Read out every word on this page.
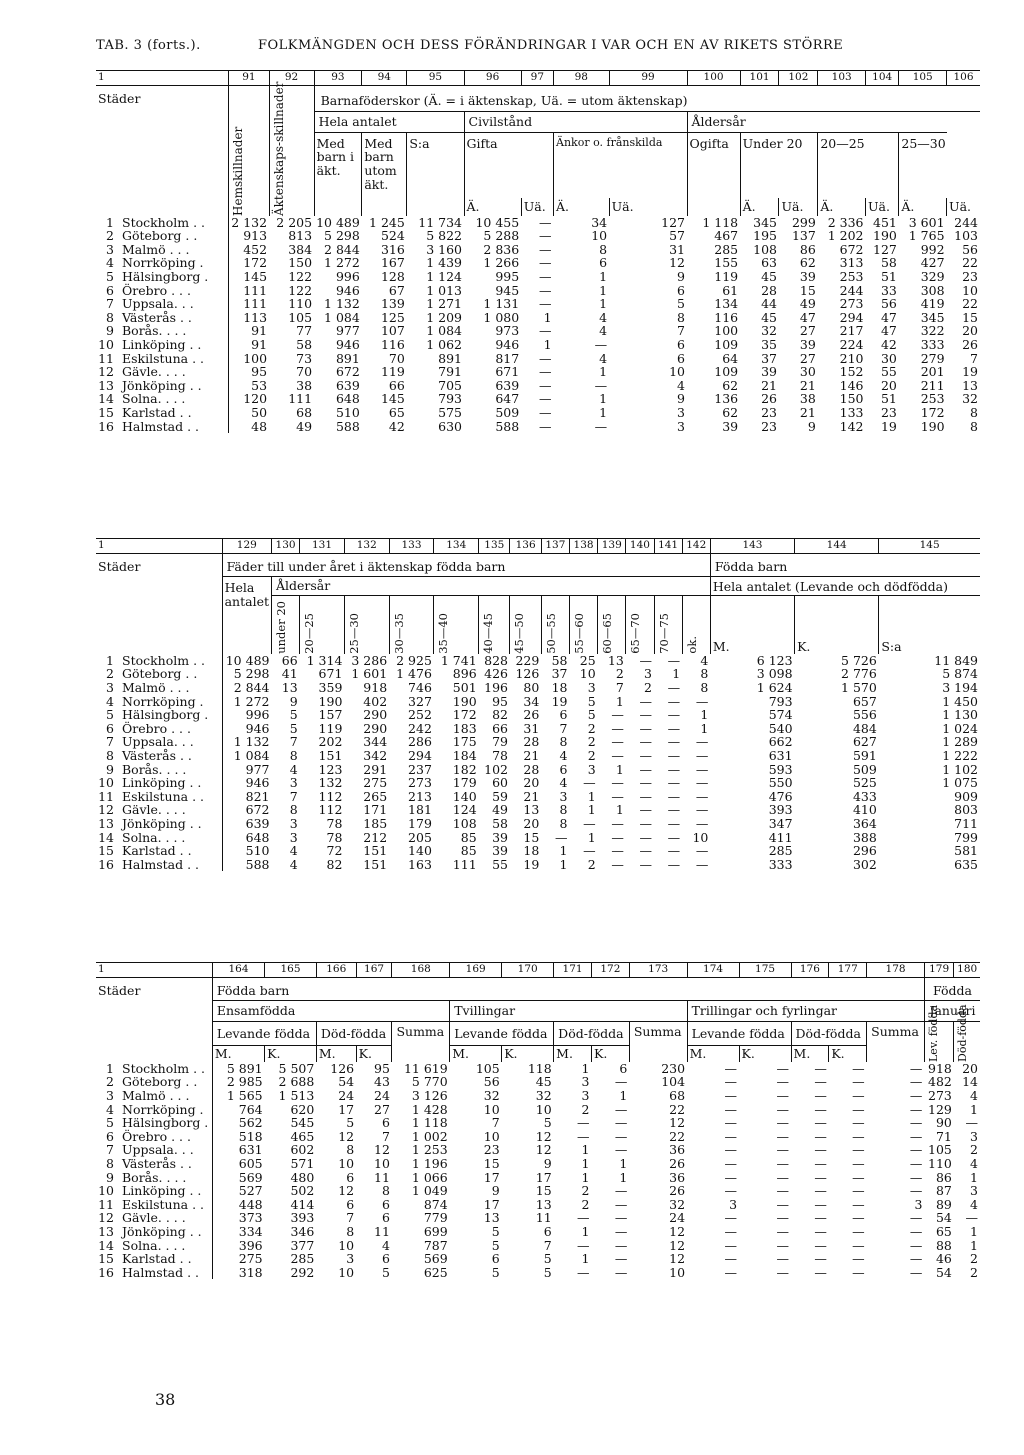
TAB. 3 (forts.).	FOLKMÄNGDEN OCH DESS FÖRÄNDRINGAR I VAR OCH EN AV RIKETS STÖRRE
1		91	92	93	94	95	96	97	98	99	100	101	102	103	104	105	106
Städer		Hemskillnader	Äktenskaps-skillnader	Barnaföderskor (Ä. = i äktenskap, Uä. = utom äktenskap)													
				Hela antalet			Civilstånd				Åldersår						
				Med barn i äkt.	Med barn utom äkt.	S:a	Gifta		Änkor o. frånskilda		Ogifta	Under 20		20—25		25—30	
							Ä.	Uä.	Ä.	Uä.		Ä.	Uä.	Ä.	Uä.	Ä.	Uä.
1	Stockholm . .	2 132	2 205	10 489	1 245	11 734	10 455	—	34	127	1 118	345	299	2 336	451	3 601	244
2	Göteborg . .	913	813	5 298	524	5 822	5 288	—	10	57	467	195	137	1 202	190	1 765	103
3	Malmö . . .	452	384	2 844	316	3 160	2 836	—	8	31	285	108	86	672	127	992	56
4	Norrköping .	172	150	1 272	167	1 439	1 266	—	6	12	155	63	62	313	58	427	22
5	Hälsingborg .	145	122	996	128	1 124	995	—	1	9	119	45	39	253	51	329	23
6	Örebro . . .	111	122	946	67	1 013	945	—	1	6	61	28	15	244	33	308	10
7	Uppsala. . .	111	110	1 132	139	1 271	1 131	—	1	5	134	44	49	273	56	419	22
8	Västerås . .	113	105	1 084	125	1 209	1 080	1	4	8	116	45	47	294	47	345	15
9	Borås. . . .	91	77	977	107	1 084	973	—	4	7	100	32	27	217	47	322	20
10	Linköping . .	91	58	946	116	1 062	946	1	—	6	109	35	39	224	42	333	26
11	Eskilstuna . .	100	73	891	70	891	817	—	4	6	64	37	27	210	30	279	7
12	Gävle. . . .	95	70	672	119	791	671	—	1	10	109	39	30	152	55	201	19
13	Jönköping . .	53	38	639	66	705	639	—	—	4	62	21	21	146	20	211	13
14	Solna. . . .	120	111	648	145	793	647	—	1	9	136	26	38	150	51	253	32
15	Karlstad . .	50	68	510	65	575	509	—	1	3	62	23	21	133	23	172	8
16	Halmstad . .	48	49	588	42	630	588	—	—	3	39	23	9	142	19	190	8
1		129	130	131	132	133	134	135	136	137	138	139	140	141	142	143	144	145
Städer		Fäder till under året i äktenskap födda barn														Födda barn		
		Hela antalet	Åldersår													Hela antalet (Levande och dödfödda)		

			under 20	20—25	25—30	30—35	35—40	40—45	45—50	50—55	55—60	60—65	65—70	70—75	ok.	M.	K.	S:a
1	Stockholm . .	10 489	66	1 314	3 286	2 925	1 741	828	229	58	25	13	—	—	4	6 123	5 726	11 849
2	Göteborg . .	5 298	41	671	1 601	1 476	896	426	126	37	10	2	3	1	8	3 098	2 776	5 874
3	Malmö . . .	2 844	13	359	918	746	501	196	80	18	3	7	2	—	8	1 624	1 570	3 194
4	Norrköping .	1 272	9	190	402	327	190	95	34	19	5	1	—	—	—	793	657	1 450
5	Hälsingborg .	996	5	157	290	252	172	82	26	6	5	—	—	—	1	574	556	1 130
6	Örebro . . .	946	5	119	290	242	183	66	31	7	2	—	—	—	1	540	484	1 024
7	Uppsala. . .	1 132	7	202	344	286	175	79	28	8	2	—	—	—	—	662	627	1 289
8	Västerås . .	1 084	8	151	342	294	184	78	21	4	2	—	—	—	—	631	591	1 222
9	Borås. . . .	977	4	123	291	237	182	102	28	6	3	1	—	—	—	593	509	1 102
10	Linköping . .	946	3	132	275	273	179	60	20	4	—	—	—	—	—	550	525	1 075
11	Eskilstuna . .	821	7	112	265	213	140	59	21	3	1	—	—	—	—	476	433	909
12	Gävle. . . .	672	8	112	171	181	124	49	13	8	1	1	—	—	—	393	410	803
13	Jönköping . .	639	3	78	185	179	108	58	20	8	—	—	—	—	—	347	364	711
14	Solna. . . .	648	3	78	212	205	85	39	15	—	1	—	—	—	10	411	388	799
15	Karlstad . .	510	4	72	151	140	85	39	18	1	—	—	—	—	—	285	296	581
16	Halmstad . .	588	4	82	151	163	111	55	19	1	2	—	—	—	—	333	302	635
1		164	165	166	167	168	169	170	171	172	173	174	175	176	177	178	179	180
Städer		Födda barn															Födda	
		Ensamfödda					Tvillingar					Trillingar och fyrlingar					Januari	
		Levande födda		Död-födda		Summa	Levande födda		Död-födda		Summa	Levande födda		Död-födda		Summa	Lev. födda	Död-födda

		M.	K.	M.	K.		M.	K.	M.	K.		M.	K.	M.	K.			
1	Stockholm . .	5 891	5 507	126	95	11 619	105	118	1	6	230	—	—	—	—	—	918	20
2	Göteborg . .	2 985	2 688	54	43	5 770	56	45	3	—	104	—	—	—	—	—	482	14
3	Malmö . . .	1 565	1 513	24	24	3 126	32	32	3	1	68	—	—	—	—	—	273	4
4	Norrköping .	764	620	17	27	1 428	10	10	2	—	22	—	—	—	—	—	129	1
5	Hälsingborg .	562	545	5	6	1 118	7	5	—	—	12	—	—	—	—	—	90	—
6	Örebro . . .	518	465	12	7	1 002	10	12	—	—	22	—	—	—	—	—	71	3
7	Uppsala. . .	631	602	8	12	1 253	23	12	1	—	36	—	—	—	—	—	105	2
8	Västerås . .	605	571	10	10	1 196	15	9	1	1	26	—	—	—	—	—	110	4
9	Borås. . . .	569	480	6	11	1 066	17	17	1	1	36	—	—	—	—	—	86	1
10	Linköping . .	527	502	12	8	1 049	9	15	2	—	26	—	—	—	—	—	87	3
11	Eskilstuna . .	448	414	6	6	874	17	13	2	—	32	3	—	—	—	3	89	4
12	Gävle. . . .	373	393	7	6	779	13	11	—	—	24	—	—	—	—	—	54	—
13	Jönköping . .	334	346	8	11	699	5	6	1	—	12	—	—	—	—	—	65	1
14	Solna. . . .	396	377	10	4	787	5	7	—	—	12	—	—	—	—	—	88	1
15	Karlstad . .	275	285	3	6	569	6	5	1	—	12	—	—	—	—	—	46	2
16	Halmstad . .	318	292	10	5	625	5	5	—	—	10	—	—	—	—	—	54	2
38
